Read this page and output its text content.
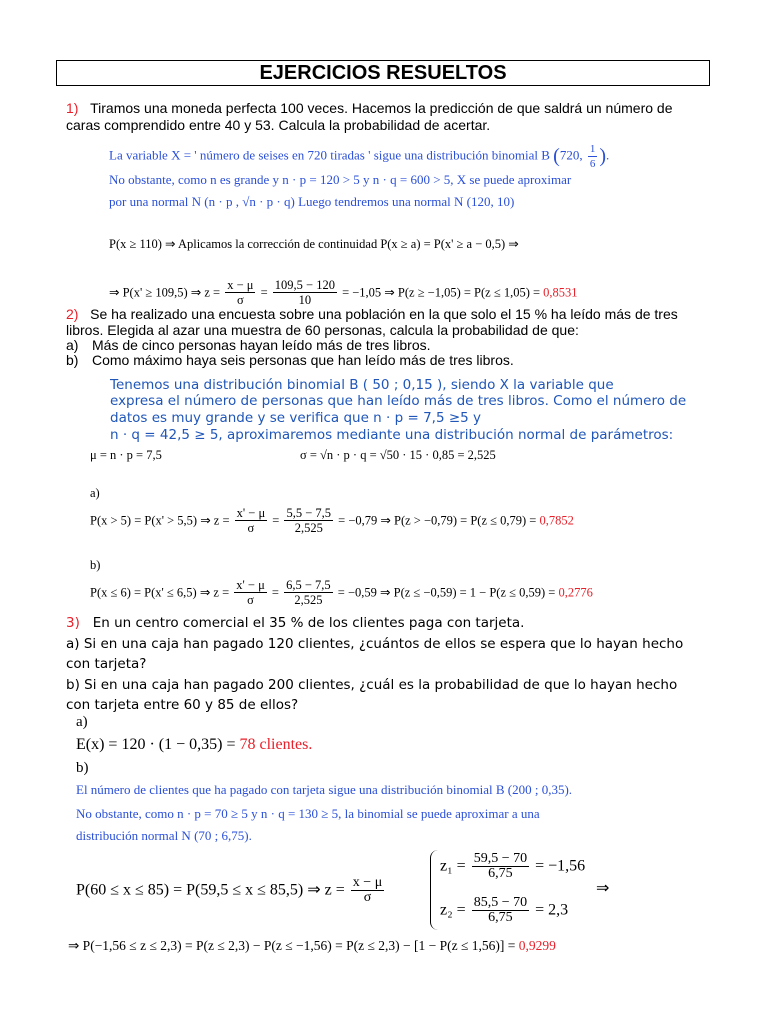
EJERCICIOS RESUELTOS
1) Tiramos una moneda perfecta 100 veces. Hacemos la predicción de que saldrá un número de
caras comprendido entre 40 y 53. Calcula la probabilidad de acertar.
La variable X = ' número de seises en 720 tiradas ' sigue una distribución binomial B (720, $\frac{1}{6}$ ).
No obstante, como n es grande y n · p = 120 > 5 y n · q = 600 > 5, X se puede aproximar
por una normal N (n · p , √n · p · q) Luego tendremos una normal N (120, 10)
P(x ≥ 110) ⇒ Aplicamos la corrección de continuidad P(x ≥ a) = P(x' ≥ a − 0,5) ⇒
⇒ P(x' ≥ 109,5) ⇒ $z = \frac{x - \mu}{\sigma} = \frac{109,5 - 120}{10} = -1,05$ ⇒ P(z ≥ −1,05) = P(z ≤ 1,05) = 0,8531
2) Se ha realizado una encuesta sobre una población en la que solo el 15 % ha leído más de tres
libros. Elegida al azar una muestra de 60 personas, calcula la probabilidad de que:
a) Más de cinco personas hayan leído más de tres libros.
b) Como máximo haya seis personas que han leído más de tres libros.
Tenemos una distribución binomial B ( 50 ; 0,15 ), siendo X la variable que
expresa el número de personas que han leído más de tres libros. Como el número de
datos es muy grande y se verifica que n · p = 7,5 ≥5 y
n · q = 42,5 ≥ 5, aproximaremos mediante una distribución normal de parámetros:
μ = n · p = 7,5	σ = √n · p · q = √50 · 15 · 0,85 = 2,525
a)
P(x > 5) = P(x' > 5,5) ⇒ $z = \frac{x' - \mu}{\sigma} = \frac{5,5 - 7,5}{2,525} = -0,79$ ⇒ P(z > −0,79) = P(z ≤ 0,79) = 0,7852
b)
P(x ≤ 6) = P(x' ≤ 6,5) ⇒ $z = \frac{x' - \mu}{\sigma} = \frac{6,5 - 7,5}{2,525} = -0,59$ ⇒ P(z ≤ −0,59) = 1 − P(z ≤ 0,59) = 0,2776
3) En un centro comercial el 35 % de los clientes paga con tarjeta.
a) Si en una caja han pagado 120 clientes, ¿cuántos de ellos se espera que lo hayan hecho
con tarjeta?
b) Si en una caja han pagado 200 clientes, ¿cuál es la probabilidad de que lo hayan hecho
con tarjeta entre 60 y 85 de ellos?
a)
E(x) = 120 · (1 − 0,35) = 78 clientes.
b)
El número de clientes que ha pagado con tarjeta sigue una distribución binomial B (200 ; 0,35).
No obstante, como n · p = 70 ≥ 5 y n · q = 130 ≥ 5, la binomial se puede aproximar a una
distribución normal N (70 ; 6,75).
P(60 ≤ x ≤ 85) = P(59,5 ≤ x ≤ 85,5) ⇒ $z = \frac{x - \mu}{\sigma}$
$z_1 = \frac{59,5 - 70}{6,75} = -1,56$
$z_2 = \frac{85,5 - 70}{6,75} = 2,3$
⇒
⇒ P(−1,56 ≤ z ≤ 2,3) = P(z ≤ 2,3) − P(z ≤ −1,56) = P(z ≤ 2,3) − [1 − P(z ≤ 1,56)] = 0,9299
